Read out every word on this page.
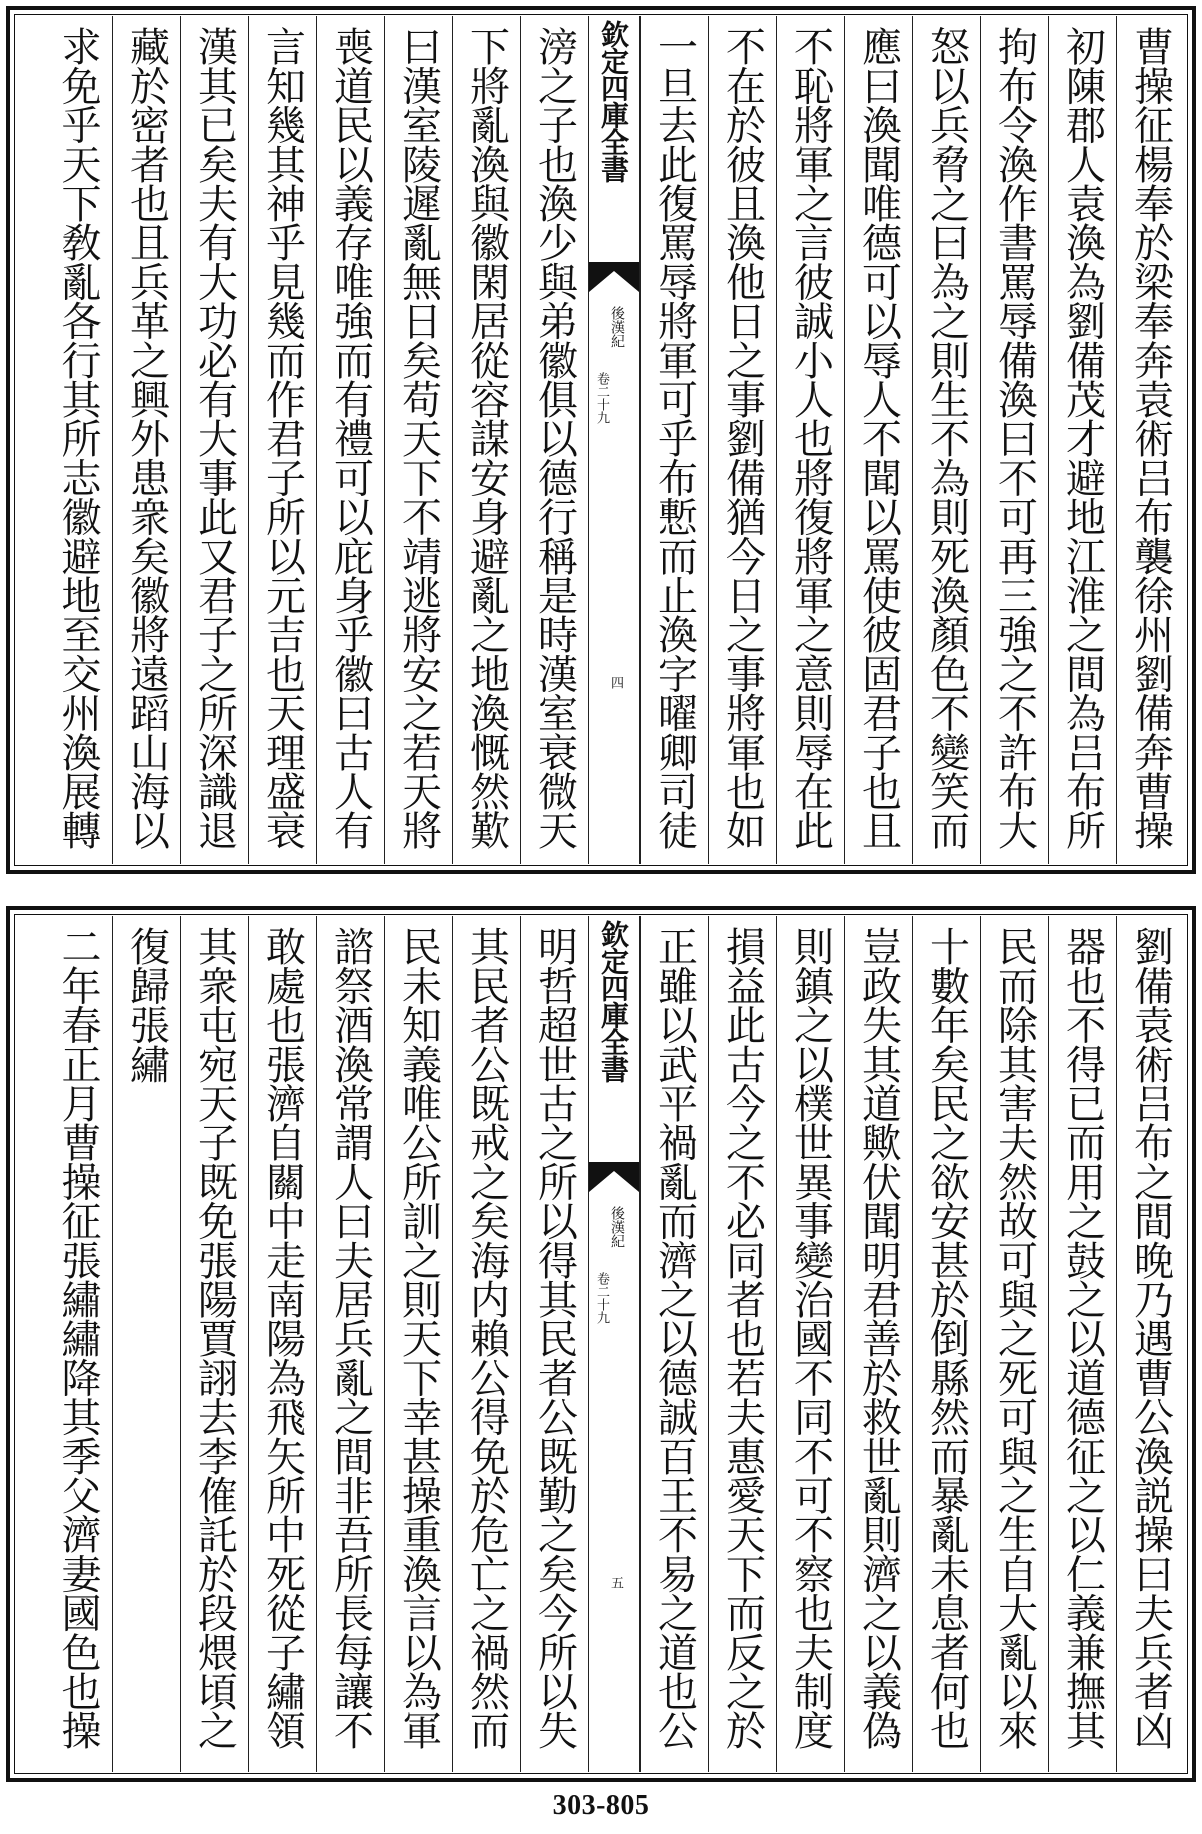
曹操征楊奉於梁奉奔袁術吕布襲徐州劉備奔曹操
初陳郡人袁渙為劉備茂才避地江淮之間為吕布所
拘布令渙作書罵辱備渙曰不可再三強之不許布大
怒以兵脅之曰為之則生不為則死渙顏色不變笑而
應曰渙聞唯德可以辱人不聞以罵使彼固君子也且
不恥將軍之言彼誠小人也將復將軍之意則辱在此
不在於彼且渙他日之事劉備猶今日之事將軍也如
一旦去此復罵辱將軍可乎布慙而止渙字曜卿司徒
欽定四庫全書
後漢紀
卷二十九
四
滂之子也渙少與弟徽俱以德行稱是時漢室衰微天
下將亂渙與徽閑居從容謀安身避亂之地渙慨然歎
曰漢室陵遲亂無日矣苟天下不靖逃將安之若天將
喪道民以義存唯強而有禮可以庇身乎徽曰古人有
言知幾其神乎見幾而作君子所以元吉也天理盛衰
漢其已矣夫有大功必有大事此又君子之所深識退
藏於密者也且兵革之興外患衆矣徽將遠蹈山海以
求免乎天下敎亂各行其所志徽避地至交州渙展轉
劉備袁術吕布之間晚乃遇曹公渙説操曰夫兵者凶
器也不得已而用之鼓之以道德征之以仁義兼撫其
民而除其害夫然故可與之死可與之生自大亂以來
十數年矣民之欲安甚於倒縣然而暴亂未息者何也
豈政失其道歟伏聞明君善於救世亂則濟之以義偽
則鎮之以樸世異事變治國不同不可不察也夫制度
損益此古今之不必同者也若夫惠愛天下而反之於
正雖以武平禍亂而濟之以德誠百王不易之道也公
欽定四庫全書
後漢紀
卷二十九
五
明哲超世古之所以得其民者公既勤之矣今所以失
其民者公既戒之矣海内賴公得免於危亡之禍然而
民未知義唯公所訓之則天下幸甚操重渙言以為軍
諮祭酒渙常謂人曰夫居兵亂之間非吾所長每讓不
敢處也張濟自關中走南陽為飛矢所中死從子繡領
其衆屯宛天子既免張陽賈詡去李傕託於段煨頃之
復歸張繡
二年春正月曹操征張繡繡降其季父濟妻國色也操
303-805
